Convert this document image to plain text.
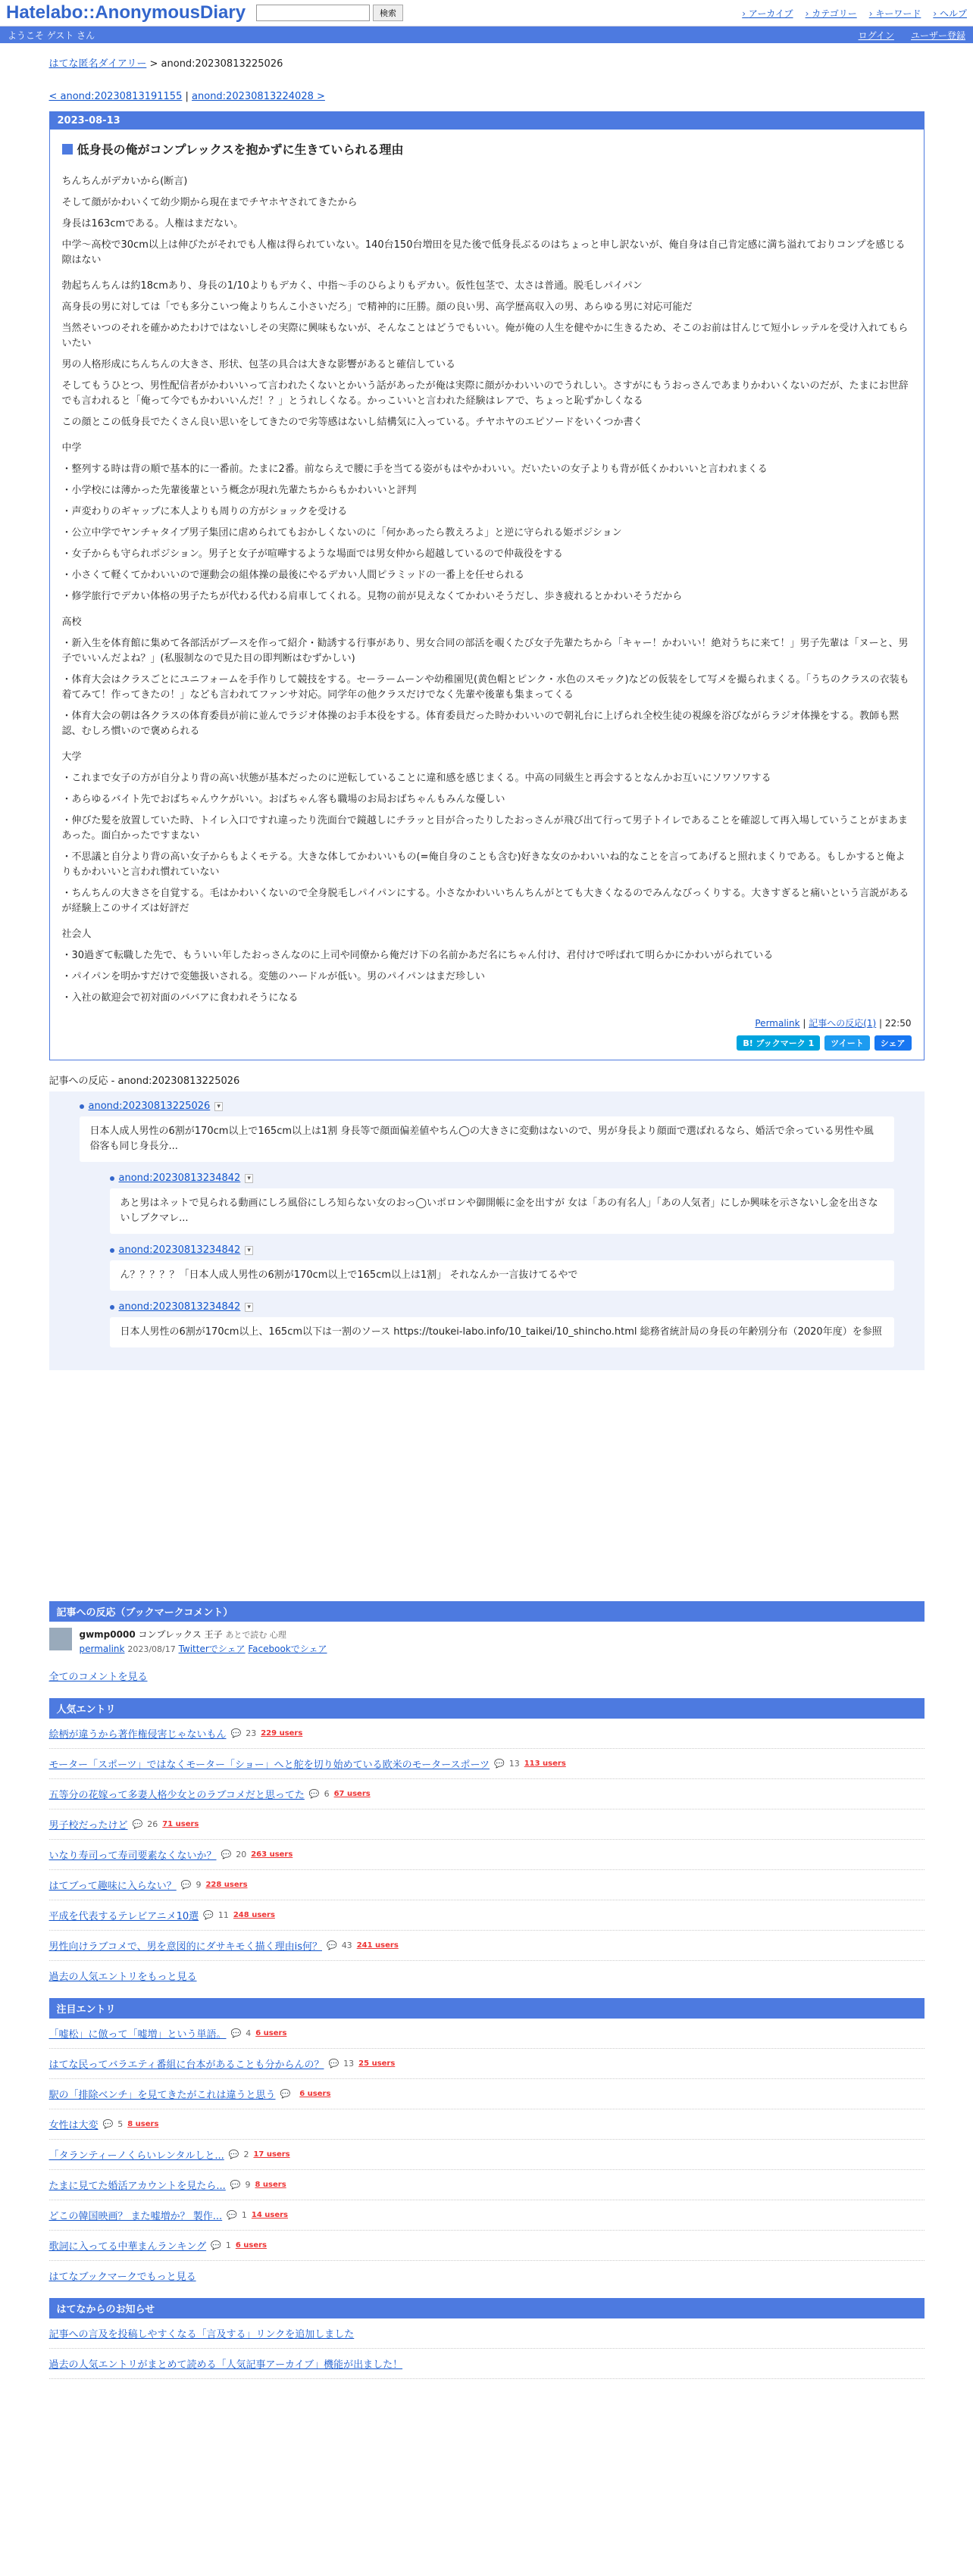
Hatelabo::AnonymousDiary	検索	› アーカイブ	› カテゴリー	› キーワード	› ヘルプ
ようこそ ゲスト さん	ログイン ユーザー登録
はてな匿名ダイアリー > anond:20230813225026
< anond:20230813191155 | anond:20230813224028 >
2023-08-13
低身長の俺がコンプレックスを抱かずに生きていられる理由

ちんちんがデカいから(断言)

そして顔がかわいくて幼少期から現在までチヤホヤされてきたから

身長は163cmである。人権はまだない。

中学〜高校で30cm以上は伸びたがそれでも人権は得られていない。140台150台増田を見た後で低身長ぶるのはちょっと申し訳ないが、俺自身は自己肯定感に満ち溢れておりコンプを感じる隙はない

勃起ちんちんは約18cmあり、身長の1/10よりもデカく、中指〜手のひらよりもデカい。仮性包茎で、太さは普通。脱毛しパイパン

高身長の男に対しては「でも多分こいつ俺よりちんこ小さいだろ」で精神的に圧勝。顔の良い男、高学歴高収入の男、あらゆる男に対応可能だ

当然そいつのそれを確かめたわけではないしその実際に興味もないが、そんなことはどうでもいい。俺が俺の人生を健やかに生きるため、そこのお前は甘んじて短小レッテルを受け入れてもらいたい

男の人格形成にちんちんの大きさ、形状、包茎の具合は大きな影響があると確信している

そしてもうひとつ、男性配信者がかわいいって言われたくないとかいう話があったが俺は実際に顔がかわいいのでうれしい。さすがにもうおっさんであまりかわいくないのだが、たまにお世辞でも言われると「俺って今でもかわいいんだ！？」とうれしくなる。かっこいいと言われた経験はレアで、ちょっと恥ずかしくなる

この顔とこの低身長でたくさん良い思いをしてきたので劣等感はないし結構気に入っている。チヤホヤのエピソードをいくつか書く

中学

・整列する時は背の順で基本的に一番前。たまに2番。前ならえで腰に手を当てる姿がもはやかわいい。だいたいの女子よりも背が低くかわいいと言われまくる

・小学校には薄かった先輩後輩という概念が現れ先輩たちからもかわいいと評判

・声変わりのギャップに本人よりも周りの方がショックを受ける

・公立中学でヤンチャタイプ男子集団に虐められてもおかしくないのに「何かあったら教えろよ」と逆に守られる姫ポジション

・女子からも守られポジション。男子と女子が喧嘩するような場面では男女仲から超越しているので仲裁役をする

・小さくて軽くてかわいいので運動会の組体操の最後にやるデカい人間ピラミッドの一番上を任せられる

・修学旅行でデカい体格の男子たちが代わる代わる肩車してくれる。見物の前が見えなくてかわいそうだし、歩き疲れるとかわいそうだから

高校

・新入生を体育館に集めて各部活がブースを作って紹介・勧誘する行事があり、男女合同の部活を覗くたび女子先輩たちから「キャー！かわいい！絶対うちに来て！」男子先輩は「ヌーと、男子でいいんだよね？」(私服制なので見た目の即判断はむずかしい)

・体育大会はクラスごとにユニフォームを手作りして競技をする。セーラームーンや幼稚園児(黄色帽とピンク・水色のスモック)などの仮装をして写メを撮られまくる。「うちのクラスの衣装も着てみて！作ってきたの！」なども言われてファンサ対応。同学年の他クラスだけでなく先輩や後輩も集まってくる

・体育大会の朝は各クラスの体育委員が前に並んでラジオ体操のお手本役をする。体育委員だった時かわいいので朝礼台に上げられ全校生徒の視線を浴びながらラジオ体操をする。教師も黙認、むしろ慣いので褒められる

大学

・これまで女子の方が自分より背の高い状態が基本だったのに逆転していることに違和感を感じまくる。中高の同級生と再会するとなんかお互いにソワソワする

・あらゆるバイト先でおばちゃんウケがいい。おばちゃん客も職場のお局おばちゃんもみんな優しい

・伸びた髪を放置していた時、トイレ入口ですれ違ったり洗面台で鏡越しにチラッと目が合ったりしたおっさんが飛び出て行って男子トイレであることを確認して再入場していうことがまあまあった。面白かったですまない

・不思議と自分より背の高い女子からもよくモテる。大きな体してかわいいもの(=俺自身のことも含む)好きな女のかわいいね的なことを言ってあげると照れまくりである。もしかすると俺よりもかわいいと言われ慣れていない

・ちんちんの大きさを自覚する。毛はかわいくないので全身脱毛しパイパンにする。小さなかわいいちんちんがとても大きくなるのでみんなびっくりする。大きすぎると痛いという言説があるが経験上このサイズは好評だ

社会人

・30過ぎて転職した先で、もういい年したおっさんなのに上司や同僚から俺だけ下の名前かあだ名にちゃん付け、君付けで呼ばれて明らかにかわいがられている

・パイパンを明かすだけで変態扱いされる。変態のハードルが低い。男のパイパンはまだ珍しい

・入社の歓迎会で初対面のババアに食われそうになる

Permalink | 記事への反応(1) | 22:50
B! ブックマーク 1	ツイート	シェア
記事への反応 - anond:20230813225026
anond:20230813225026	▾
日本人成人男性の6割が170cm以上で165cm以上は1割 身長等で顔面偏差値やちん◯の大きさに変動はないので、男が身長より顔面で選ばれるなら、婚活で余っている男性や風俗客も同じ身長分...
anond:20230813234842	▾
あと男はネットで見られる動画にしろ風俗にしろ知らない女のおっ◯いポロンや御開帳に金を出すが 女は「あの有名人」「あの人気者」にしか興味を示さないし金を出さないしブクマレ...
anond:20230813234842	▾
ん？？？？？「日本人成人男性の6割が170cm以上で165cm以上は1割」 それなんか一言抜けてるやで
anond:20230813234842	▾
日本人男性の6割が170cm以上、165cm以下は一割のソース https://toukei-labo.info/10_taikei/10_shincho.html 総務省統計局の身長の年齢別分布（2020年度）を参照
記事への反応（ブックマークコメント）
gwmp0000 コンプレックス 王子 あとで読む 心理
permalink 2023/08/17 Twitterでシェア Facebookでシェア
全てのコメントを見る
人気エントリ
絵柄が違うから著作権侵害じゃないもん 💬 23 229 users
モーター「スポーツ」ではなくモーター「ショー」へと舵を切り始めている欧米のモータースポーツ 💬 13 113 users
五等分の花嫁って多妻人格少女とのラブコメだと思ってた 💬 6 67 users
男子校だったけど 💬 26 71 users
いなり寿司って寿司要素なくないか？ 💬 20 263 users
はてブって趣味に入らない？ 💬 9 228 users
平成を代表するテレビアニメ10選 💬 11 248 users
男性向けラブコメで、男を意図的にダサキモく描く理由is何？ 💬 43 241 users
過去の人気エントリをもっと見る
注目エントリ
「嘘松」に倣って「嘘増」という単語。 💬 4 6 users
はてな民ってバラエティ番組に台本があることも分からんの？ 💬 13 25 users
駅の「排除ベンチ」を見てきたがこれは違うと思う 💬 6 users
女性は大変 💬 5 8 users
「タランティーノくらいレンタルしと... 💬 2 17 users
たまに見てた婚活アカウントを見たら... 💬 9 8 users
どこの韓国映画？ また嘘増か？ 製作... 💬 1 14 users
歌詞に入ってる中華まんランキング 💬 1 6 users
はてなブックマークでもっと見る
はてなからのお知らせ
記事への言及を投稿しやすくなる「言及する」リンクを追加しました
過去の人気エントリがまとめて読める「人気記事アーカイブ」機能が出ました！
